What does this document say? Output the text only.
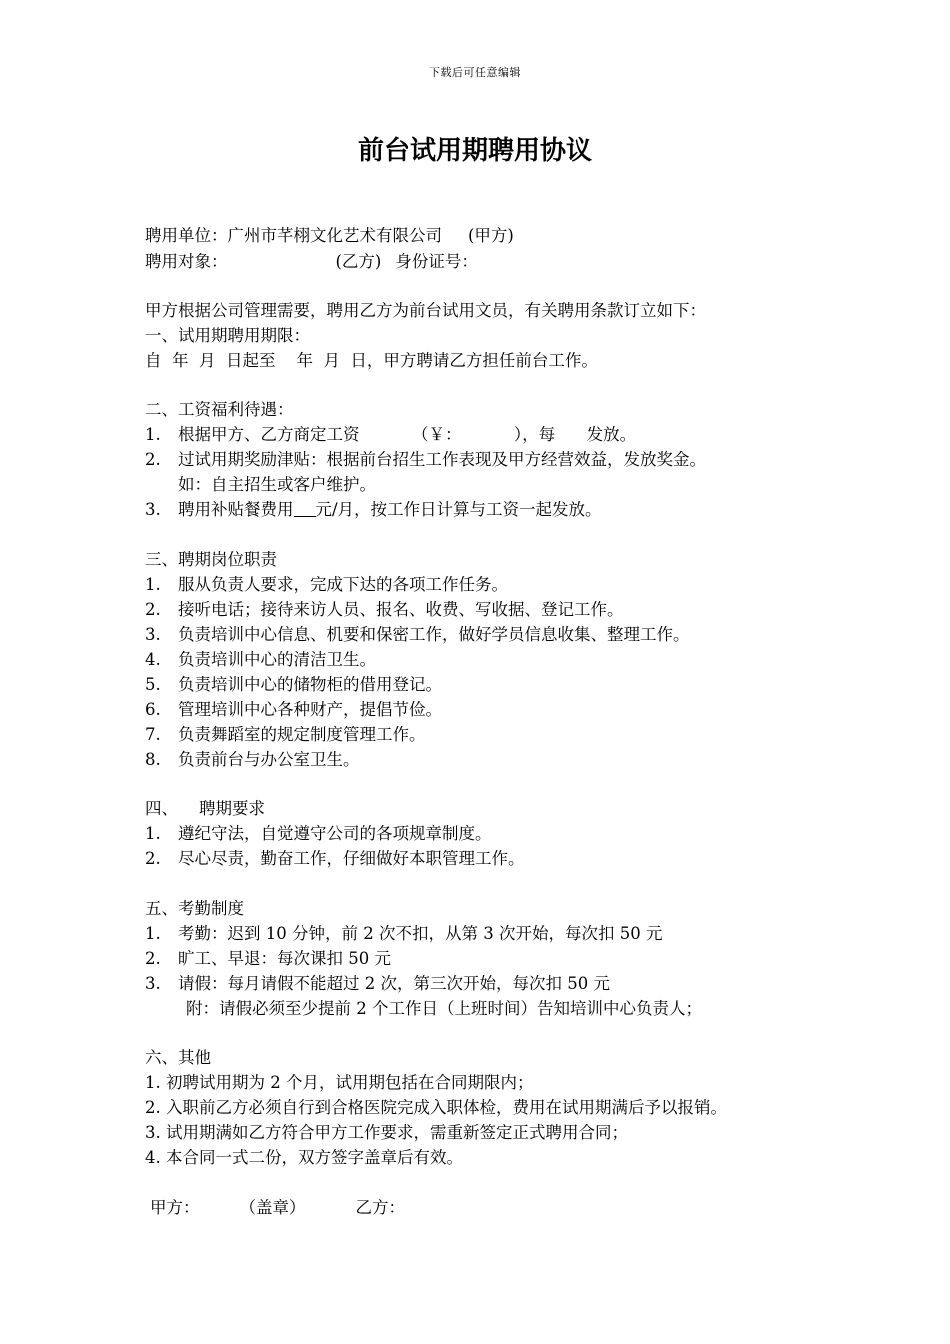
下载后可任意编辑
前台试用期聘用协议
聘用单位：广州市芊栩文化艺术有限公司 (甲方)
聘用对象：	(乙方) 身份证号：
甲方根据公司管理需要，聘用乙方为前台试用文员，有关聘用条款订立如下：
一、试用期聘用期限：
自  年  月  日起至    年  月  日，甲方聘请乙方担任前台工作。
二、工资福利待遇：
1. 根据甲方、乙方商定工资          （￥：          ），每      发放。
2. 过试用期奖励津贴：根据前台招生工作表现及甲方经营效益，发放奖金。
如：自主招生或客户维护。
3. 聘用补贴餐费用 元/月，按工作日计算与工资一起发放。
三、聘期岗位职责
1. 服从负责人要求，完成下达的各项工作任务。
2. 接听电话；接待来访人员、报名、收费、写收据、登记工作。
3. 负责培训中心信息、机要和保密工作，做好学员信息收集、整理工作。
4. 负责培训中心的清洁卫生。
5. 负责培训中心的储物柜的借用登记。
6. 管理培训中心各种财产，提倡节俭。
7. 负责舞蹈室的规定制度管理工作。
8. 负责前台与办公室卫生。
四、    聘期要求
1. 遵纪守法，自觉遵守公司的各项规章制度。
2. 尽心尽责，勤奋工作，仔细做好本职管理工作。
五、考勤制度
1. 考勤：迟到 10 分钟，前 2 次不扣，从第 3 次开始，每次扣 50 元
2. 旷工、早退：每次课扣 50 元
3. 请假：每月请假不能超过 2 次，第三次开始，每次扣 50 元
附：请假必须至少提前 2 个工作日（上班时间）告知培训中心负责人；
六、其他
1. 初聘试用期为 2 个月，试用期包括在合同期限内；
2. 入职前乙方必须自行到合格医院完成入职体检，费用在试用期满后予以报销。
3. 试用期满如乙方符合甲方工作要求，需重新签定正式聘用合同；
4. 本合同一式二份，双方签字盖章后有效。
甲方： （盖章）	乙方：
